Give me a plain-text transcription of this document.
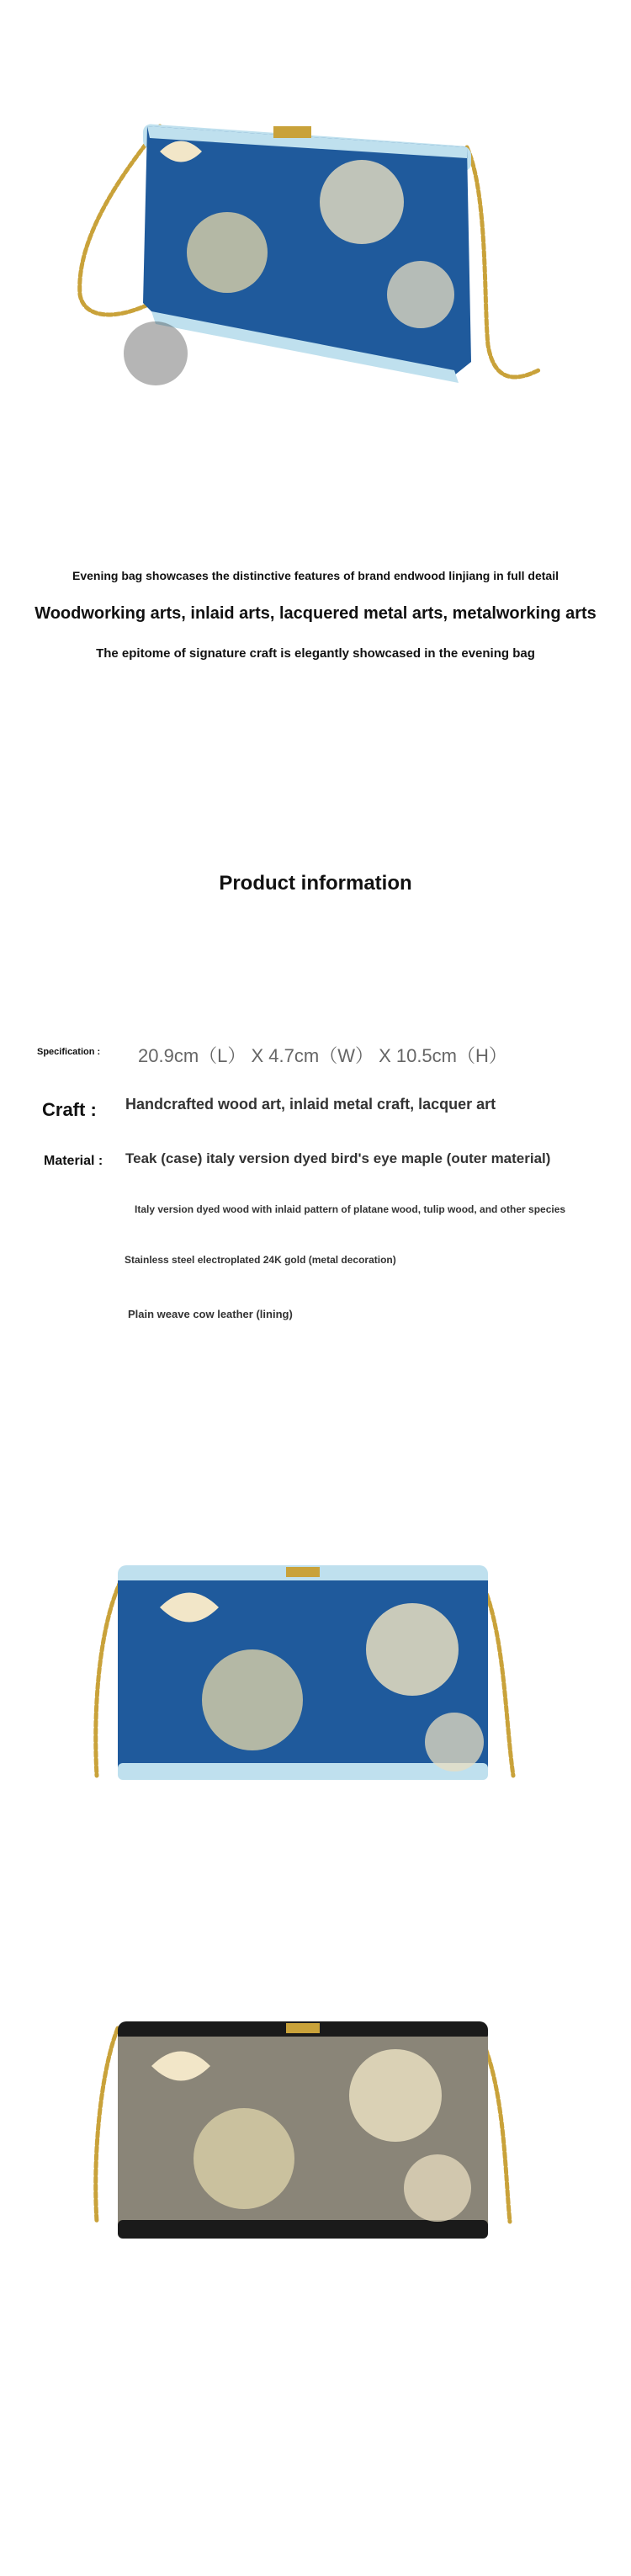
Evening bag showcases the distinctive features of brand endwood linjiang in full detail
Woodworking arts, inlaid arts, lacquered metal arts, metalworking arts
The epitome of signature craft is elegantly showcased in the evening bag
Product information
Specification : 20.9cm（L） X 4.7cm（W） X 10.5cm（H）
Craft : Handcrafted wood art, inlaid metal craft, lacquer art
Material : Teak (case) italy version dyed bird's eye maple (outer material)
Italy version dyed wood with inlaid pattern of platane wood, tulip wood, and other species
Stainless steel electroplated 24K gold (metal decoration)
Plain weave cow leather (lining)
